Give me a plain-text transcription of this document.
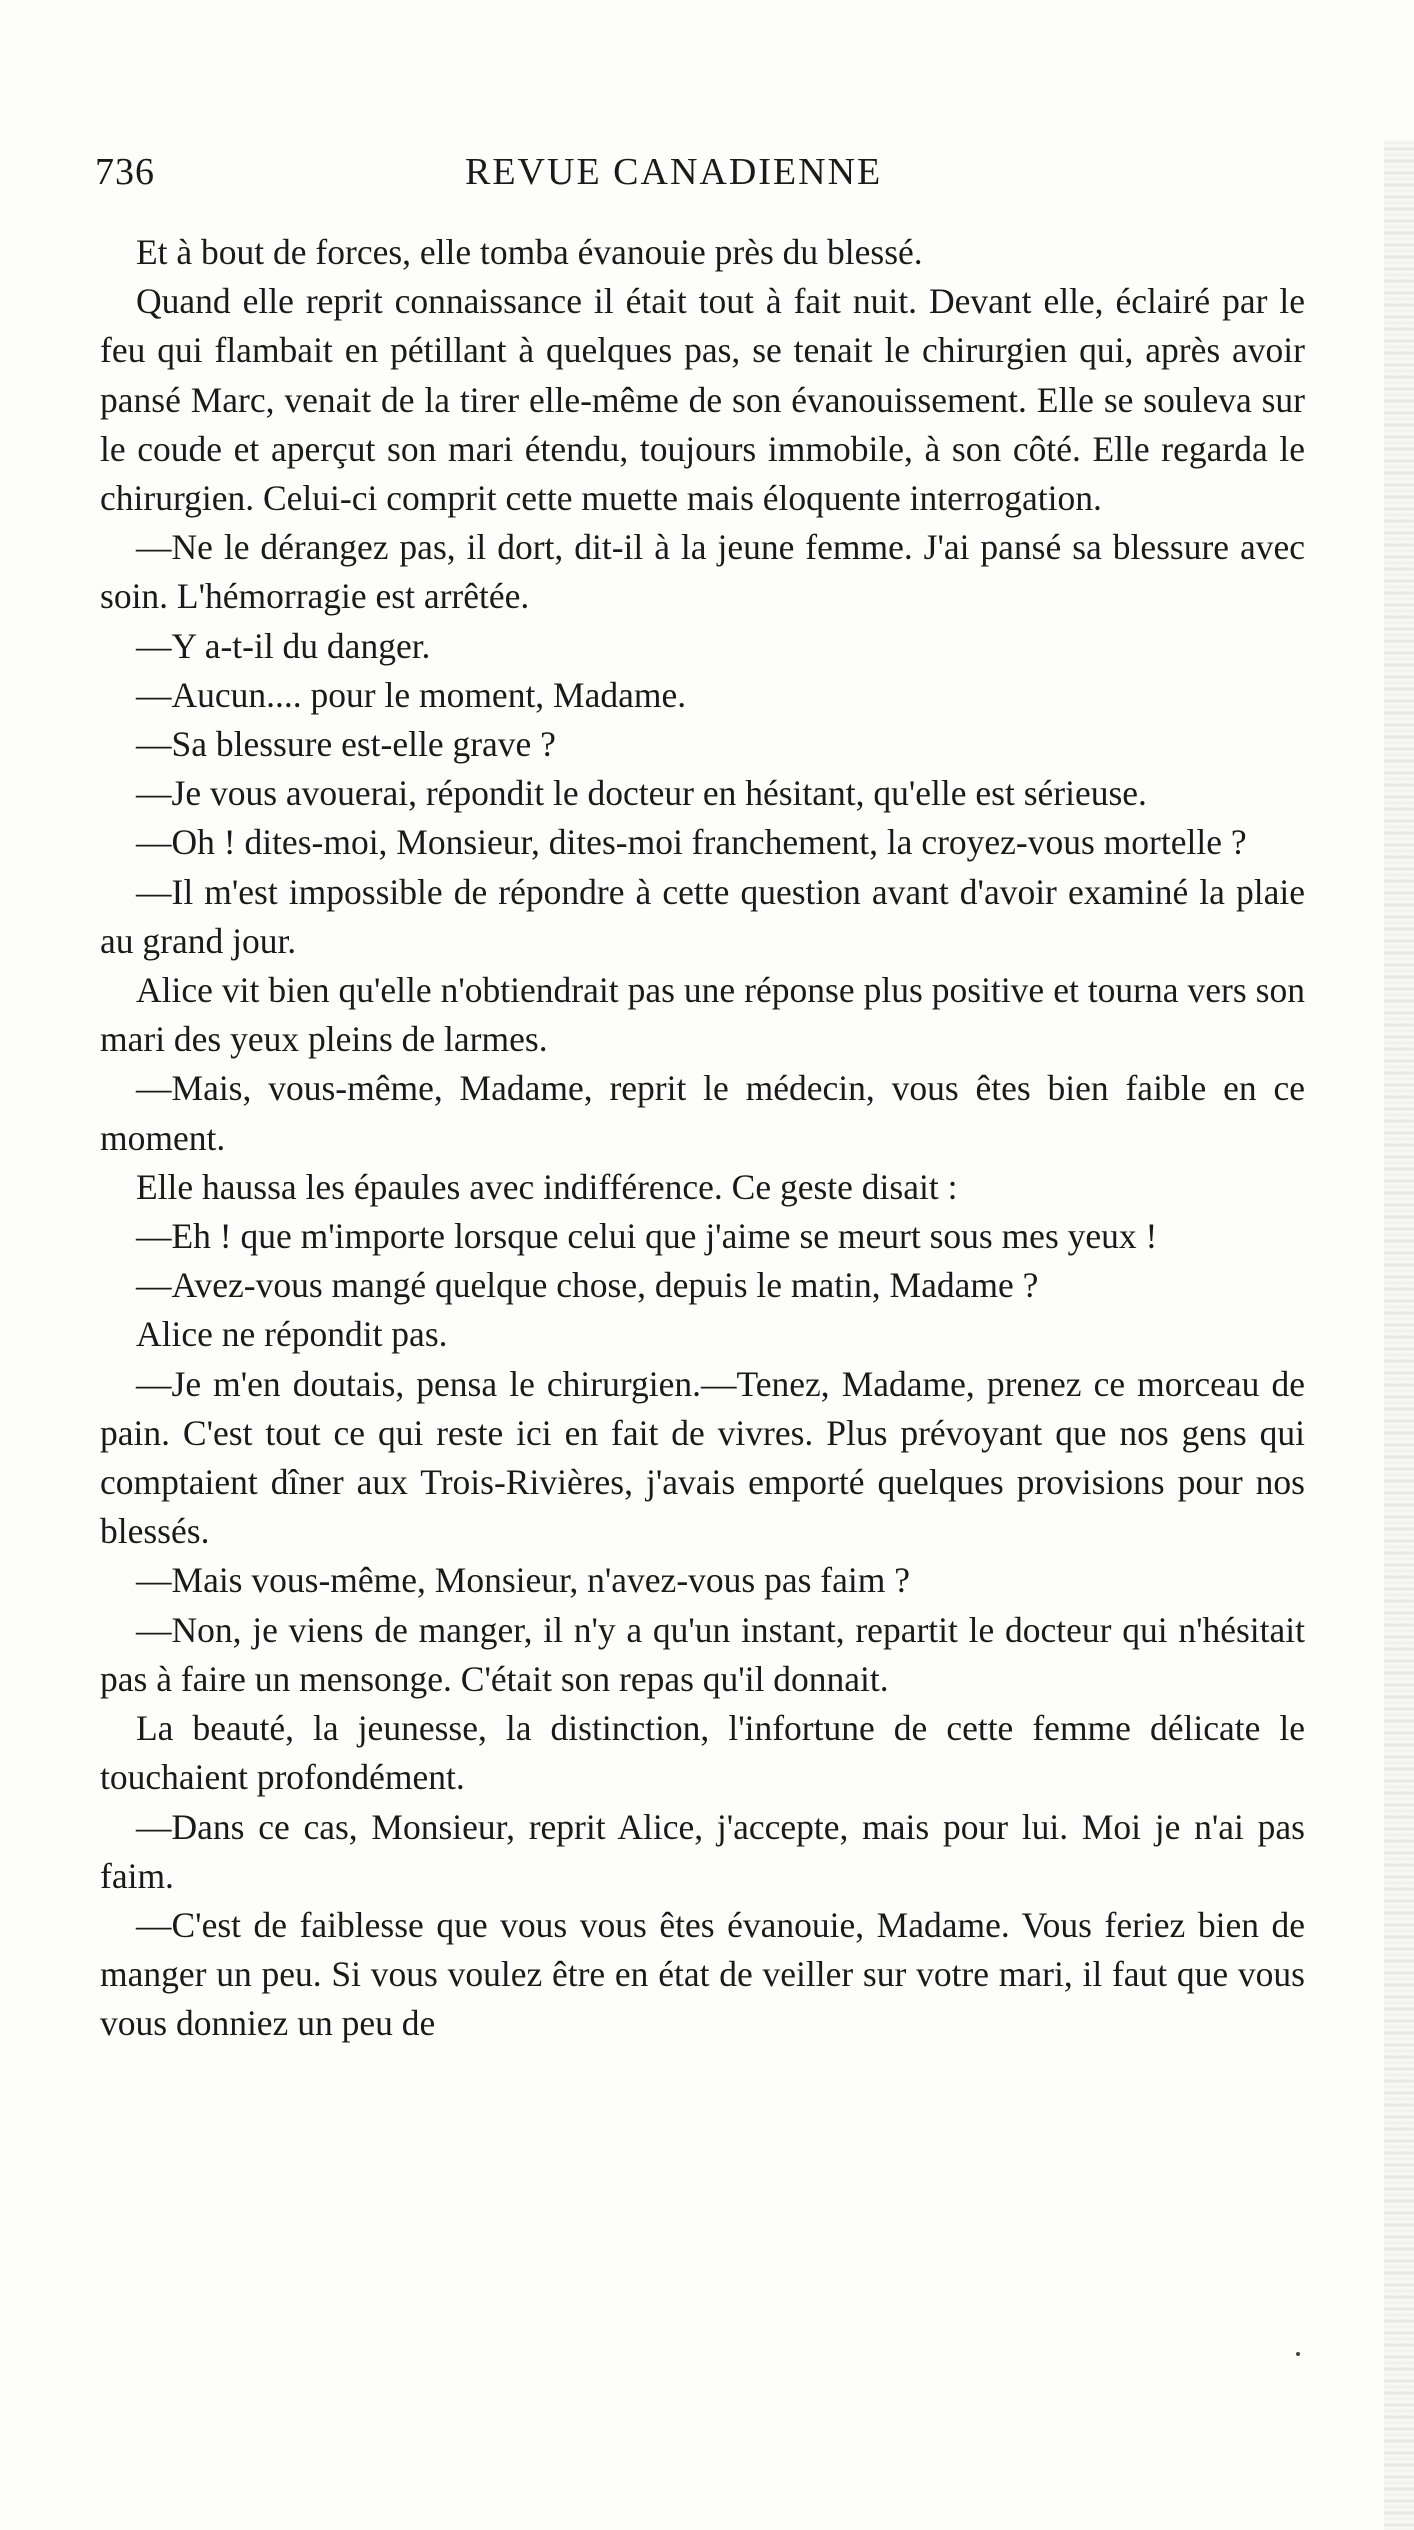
736	REVUE CANADIENNE

Et à bout de forces, elle tomba évanouie près du blessé.

Quand elle reprit connaissance il était tout à fait nuit. Devant elle, éclairé par le feu qui flambait en pétillant à quelques pas, se tenait le chirurgien qui, après avoir pansé Marc, venait de la tirer elle-même de son évanouissement. Elle se souleva sur le coude et aperçut son mari étendu, toujours immobile, à son côté. Elle regarda le chirurgien. Celui-ci comprit cette muette mais éloquente interrogation.

—Ne le dérangez pas, il dort, dit-il à la jeune femme. J'ai pansé sa blessure avec soin. L'hémorragie est arrêtée.

—Y a-t-il du danger.

—Aucun.... pour le moment, Madame.

—Sa blessure est-elle grave ?

—Je vous avouerai, répondit le docteur en hésitant, qu'elle est sérieuse.

—Oh ! dites-moi, Monsieur, dites-moi franchement, la croyez-vous mortelle ?

—Il m'est impossible de répondre à cette question avant d'avoir examiné la plaie au grand jour.

Alice vit bien qu'elle n'obtiendrait pas une réponse plus positive et tourna vers son mari des yeux pleins de larmes.

—Mais, vous-même, Madame, reprit le médecin, vous êtes bien faible en ce moment.

Elle haussa les épaules avec indifférence. Ce geste disait :

—Eh ! que m'importe lorsque celui que j'aime se meurt sous mes yeux !

—Avez-vous mangé quelque chose, depuis le matin, Madame ?

Alice ne répondit pas.

—Je m'en doutais, pensa le chirurgien.—Tenez, Madame, prenez ce morceau de pain. C'est tout ce qui reste ici en fait de vivres. Plus prévoyant que nos gens qui comptaient dîner aux Trois-Rivières, j'avais emporté quelques provisions pour nos blessés.

—Mais vous-même, Monsieur, n'avez-vous pas faim ?

—Non, je viens de manger, il n'y a qu'un instant, repartit le docteur qui n'hésitait pas à faire un mensonge. C'était son repas qu'il donnait.

La beauté, la jeunesse, la distinction, l'infortune de cette femme délicate le touchaient profondément.

—Dans ce cas, Monsieur, reprit Alice, j'accepte, mais pour lui. Moi je n'ai pas faim.

—C'est de faiblesse que vous vous êtes évanouie, Madame. Vous feriez bien de manger un peu. Si vous voulez être en état de veiller sur votre mari, il faut que vous vous donniez un peu de
